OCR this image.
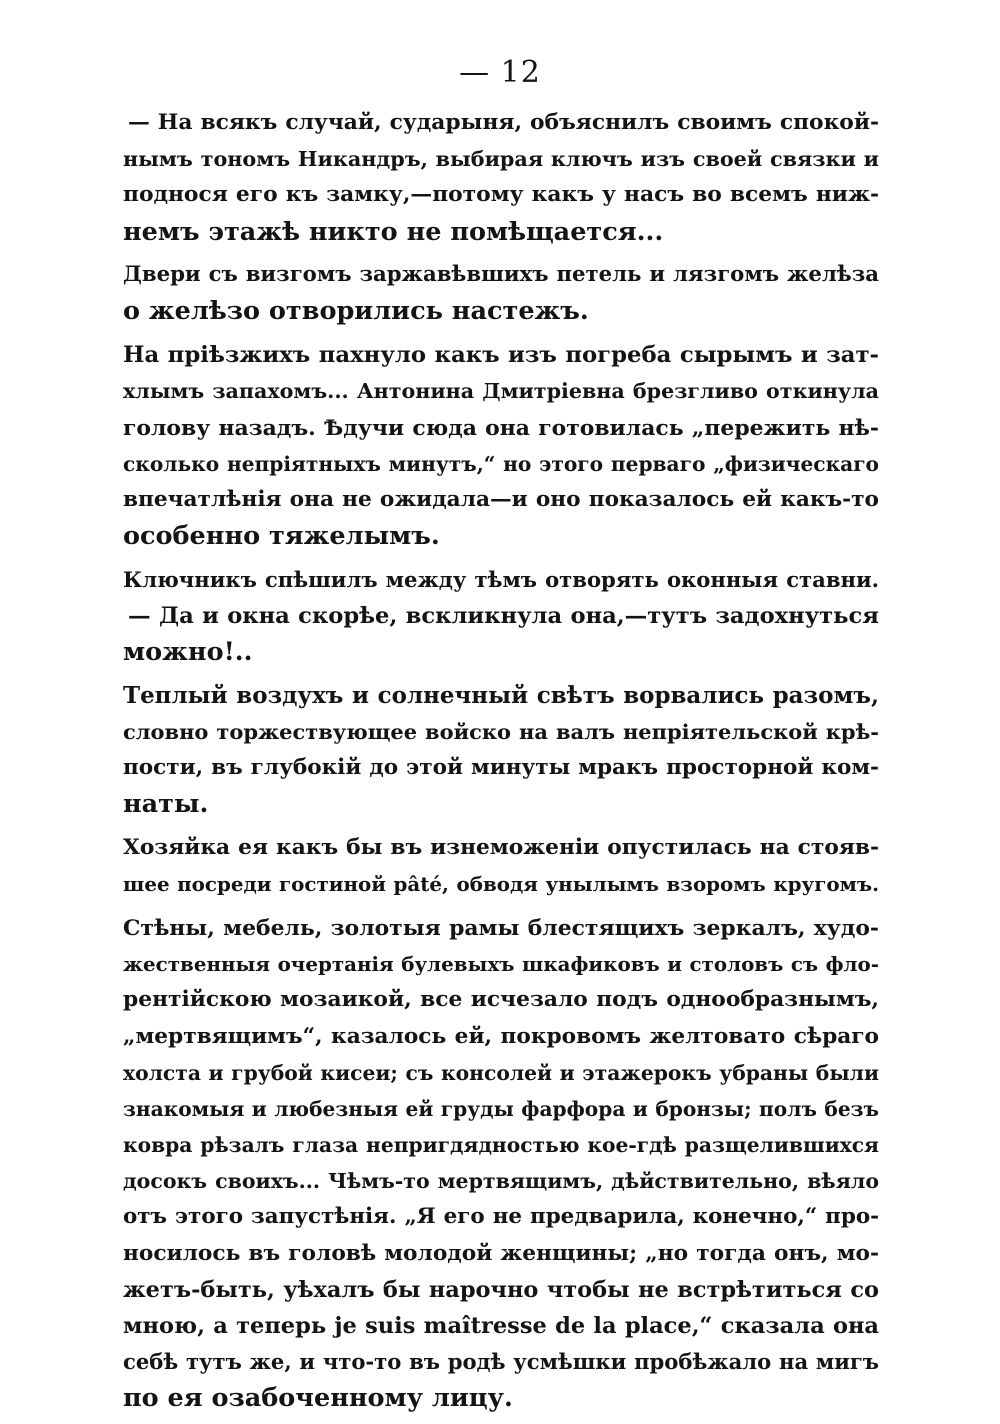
— 12
— На всякъ случай, сударыня, объяснилъ своимъ спокой-
нымъ тономъ Никандръ, выбирая ключъ изъ своей связки и
поднося его къ замку,—потому какъ у насъ во всемъ ниж-
немъ этажѣ никто не помѣщается...
Двери съ визгомъ заржавѣвшихъ петель и лязгомъ желѣза
о желѣзо отворились настежъ.
На пріѣзжихъ пахнуло какъ изъ погреба сырымъ и зат-
хлымъ запахомъ... Антонина Дмитріевна брезгливо откинула
голову назадъ. Ѣдучи сюда она готовилась „пережить нѣ-
сколько непріятныхъ минутъ,“ но этого перваго „физическаго
впечатлѣнія она не ожидала—и оно показалось ей какъ-то
особенно тяжелымъ.
Ключникъ спѣшилъ между тѣмъ отворять оконныя ставни.
— Да и окна скорѣе, вскликнула она,—тутъ задохнуться
можно!..
Теплый воздухъ и солнечный свѣтъ ворвались разомъ,
словно торжествующее войско на валъ непріятельской крѣ-
пости, въ глубокій до этой минуты мракъ просторной ком-
наты.
Хозяйка ея какъ бы въ изнеможеніи опустилась на стояв-
шее посреди гостиной pâté, обводя унылымъ взоромъ кругомъ.
Стѣны, мебель, золотыя рамы блестящихъ зеркалъ, худо-
жественныя очертанія булевыхъ шкафиковъ и столовъ съ фло-
рентійскою мозаикой, все исчезало подъ однообразнымъ,
„мертвящимъ“, казалось ей, покровомъ желтовато сѣраго
холста и грубой кисеи; съ консолей и этажерокъ убраны были
знакомыя и любезныя ей груды фарфора и бронзы; полъ безъ
ковра рѣзалъ глаза непригдядностью кое-гдѣ разщелившихся
досокъ своихъ... Чѣмъ-то мертвящимъ, дѣйствительно, вѣяло
отъ этого запустѣнія. „Я его не предварила, конечно,“ про-
носилось въ головѣ молодой женщины; „но тогда онъ, мо-
жетъ-быть, уѣхалъ бы нарочно чтобы не встрѣтиться со
мною, а теперь je suis maîtresse de la place,“ сказала она
себѣ тутъ же, и что-то въ родѣ усмѣшки пробѣжало на мигъ
по ея озабоченному лицу.
